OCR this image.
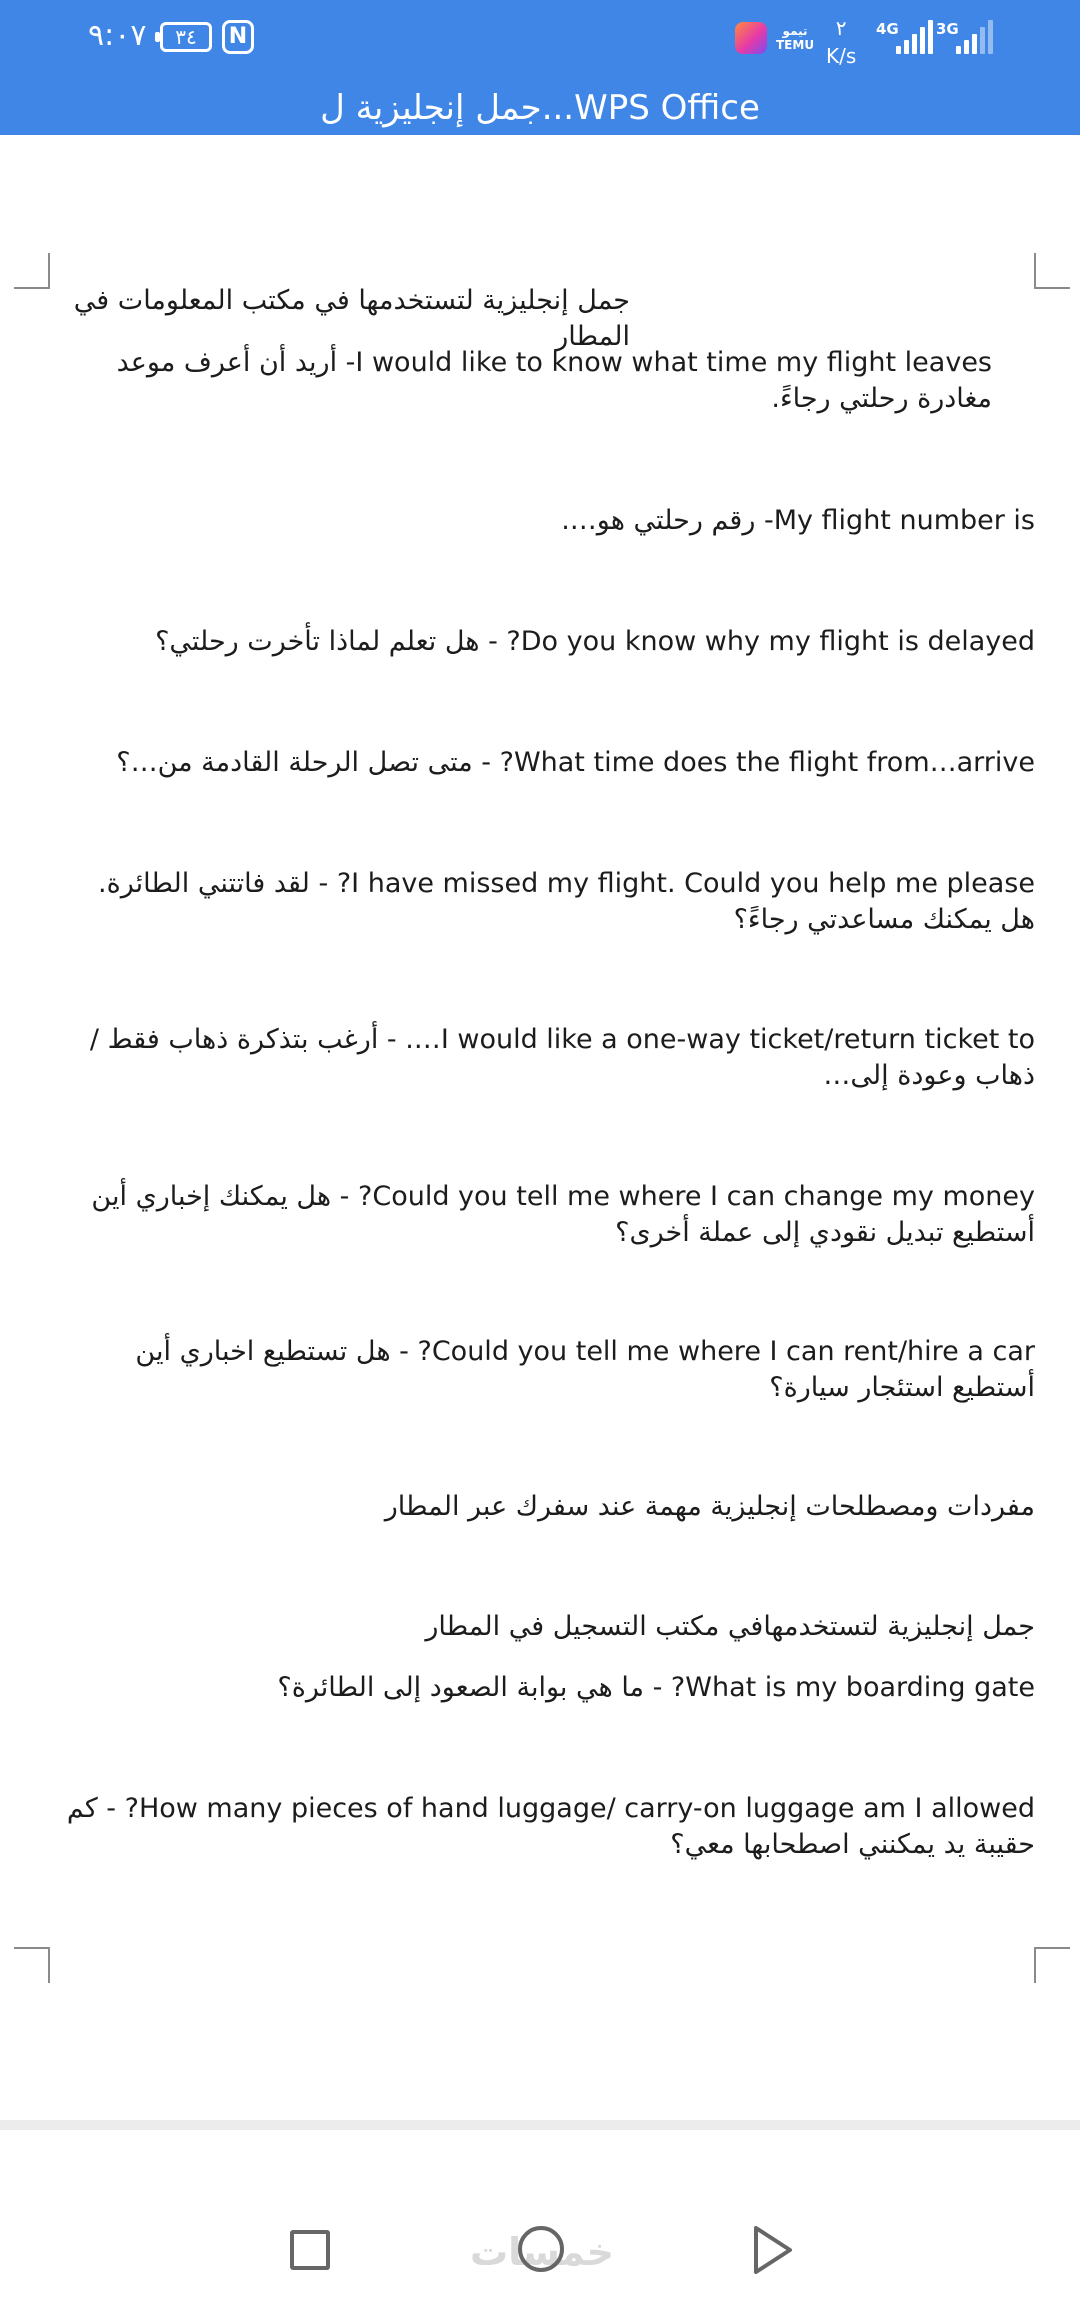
٩:٠٧	٣٤	N	تيمو
TEMU
٢
K/s
4G 3G
جمل إنجليزية ل...WPS Office
جمل إنجليزية لتستخدمها في مكتب المعلومات في المطار
I would like to know what time my flight leaves- أريد أن أعرف موعد مغادرة رحلتي رجاءً.
My flight number is- رقم رحلتي هو….
Do you know why my flight is delayed? - هل تعلم لماذا تأخرت رحلتي؟
What time does the flight from…arrive? - متى تصل الرحلة القادمة من…؟
I have missed my flight. Could you help me please? - لقد فاتتني الطائرة. هل يمكنك مساعدتي رجاءً؟
I would like a one-way ticket/return ticket to…. - أرغب بتذكرة ذهاب فقط / ذهاب وعودة إلى…
Could you tell me where I can change my money? - هل يمكنك إخباري أين أستطيع تبديل نقودي إلى عملة أخرى؟
Could you tell me where I can rent/hire a car? - هل تستطيع اخباري أين أستطيع استئجار سيارة؟
مفردات ومصطلحات إنجليزية مهمة عند سفرك عبر المطار
جمل إنجليزية لتستخدمهافي مكتب التسجيل في المطار
What is my boarding gate? - ما هي بوابة الصعود إلى الطائرة؟
How many pieces of hand luggage/ carry-on luggage am I allowed? - كم حقيبة يد يمكنني اصطحابها معي؟
خمسات
